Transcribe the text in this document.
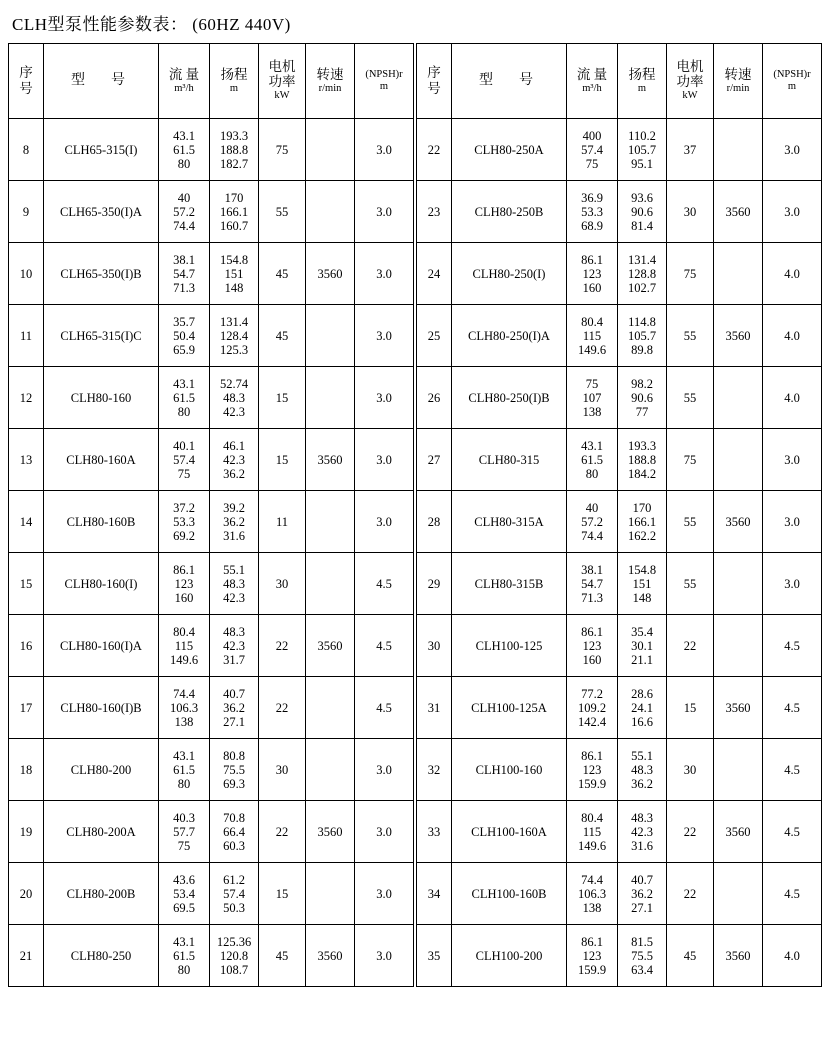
CLH型泵性能参数表： (60HZ 440V)
序
号	型　号	流 量
m³/h	扬程
m	电机
功率
kW	转速
r/min	(NPSH)r
m

8	CLH65-315(I)	43.1
61.5
80	193.3
188.8
182.7	75		3.0
9	CLH65-350(I)A	40
57.2
74.4	170
166.1
160.7	55		3.0
10	CLH65-350(I)B	38.1
54.7
71.3	154.8
151
148	45	3560	3.0
11	CLH65-315(I)C	35.7
50.4
65.9	131.4
128.4
125.3	45		3.0
12	CLH80-160	43.1
61.5
80	52.74
48.3
42.3	15		3.0
13	CLH80-160A	40.1
57.4
75	46.1
42.3
36.2	15	3560	3.0
14	CLH80-160B	37.2
53.3
69.2	39.2
36.2
31.6	11		3.0
15	CLH80-160(I)	86.1
123
160	55.1
48.3
42.3	30		4.5
16	CLH80-160(I)A	80.4
115
149.6	48.3
42.3
31.7	22	3560	4.5
17	CLH80-160(I)B	74.4
106.3
138	40.7
36.2
27.1	22		4.5
18	CLH80-200	43.1
61.5
80	80.8
75.5
69.3	30		3.0
19	CLH80-200A	40.3
57.7
75	70.8
66.4
60.3	22	3560	3.0
20	CLH80-200B	43.6
53.4
69.5	61.2
57.4
50.3	15		3.0
21	CLH80-250	43.1
61.5
80	125.36
120.8
108.7	45	3560	3.0
序
号	型　号	流 量
m³/h	扬程
m	电机
功率
kW	转速
r/min	(NPSH)r
m

22	CLH80-250A	400
57.4
75	110.2
105.7
95.1	37		3.0
23	CLH80-250B	36.9
53.3
68.9	93.6
90.6
81.4	30	3560	3.0
24	CLH80-250(I)	86.1
123
160	131.4
128.8
102.7	75		4.0
25	CLH80-250(I)A	80.4
115
149.6	114.8
105.7
89.8	55	3560	4.0
26	CLH80-250(I)B	75
107
138	98.2
90.6
77	55		4.0
27	CLH80-315	43.1
61.5
80	193.3
188.8
184.2	75		3.0
28	CLH80-315A	40
57.2
74.4	170
166.1
162.2	55	3560	3.0
29	CLH80-315B	38.1
54.7
71.3	154.8
151
148	55		3.0
30	CLH100-125	86.1
123
160	35.4
30.1
21.1	22		4.5
31	CLH100-125A	77.2
109.2
142.4	28.6
24.1
16.6	15	3560	4.5
32	CLH100-160	86.1
123
159.9	55.1
48.3
36.2	30		4.5
33	CLH100-160A	80.4
115
149.6	48.3
42.3
31.6	22	3560	4.5
34	CLH100-160B	74.4
106.3
138	40.7
36.2
27.1	22		4.5
35	CLH100-200	86.1
123
159.9	81.5
75.5
63.4	45	3560	4.0
